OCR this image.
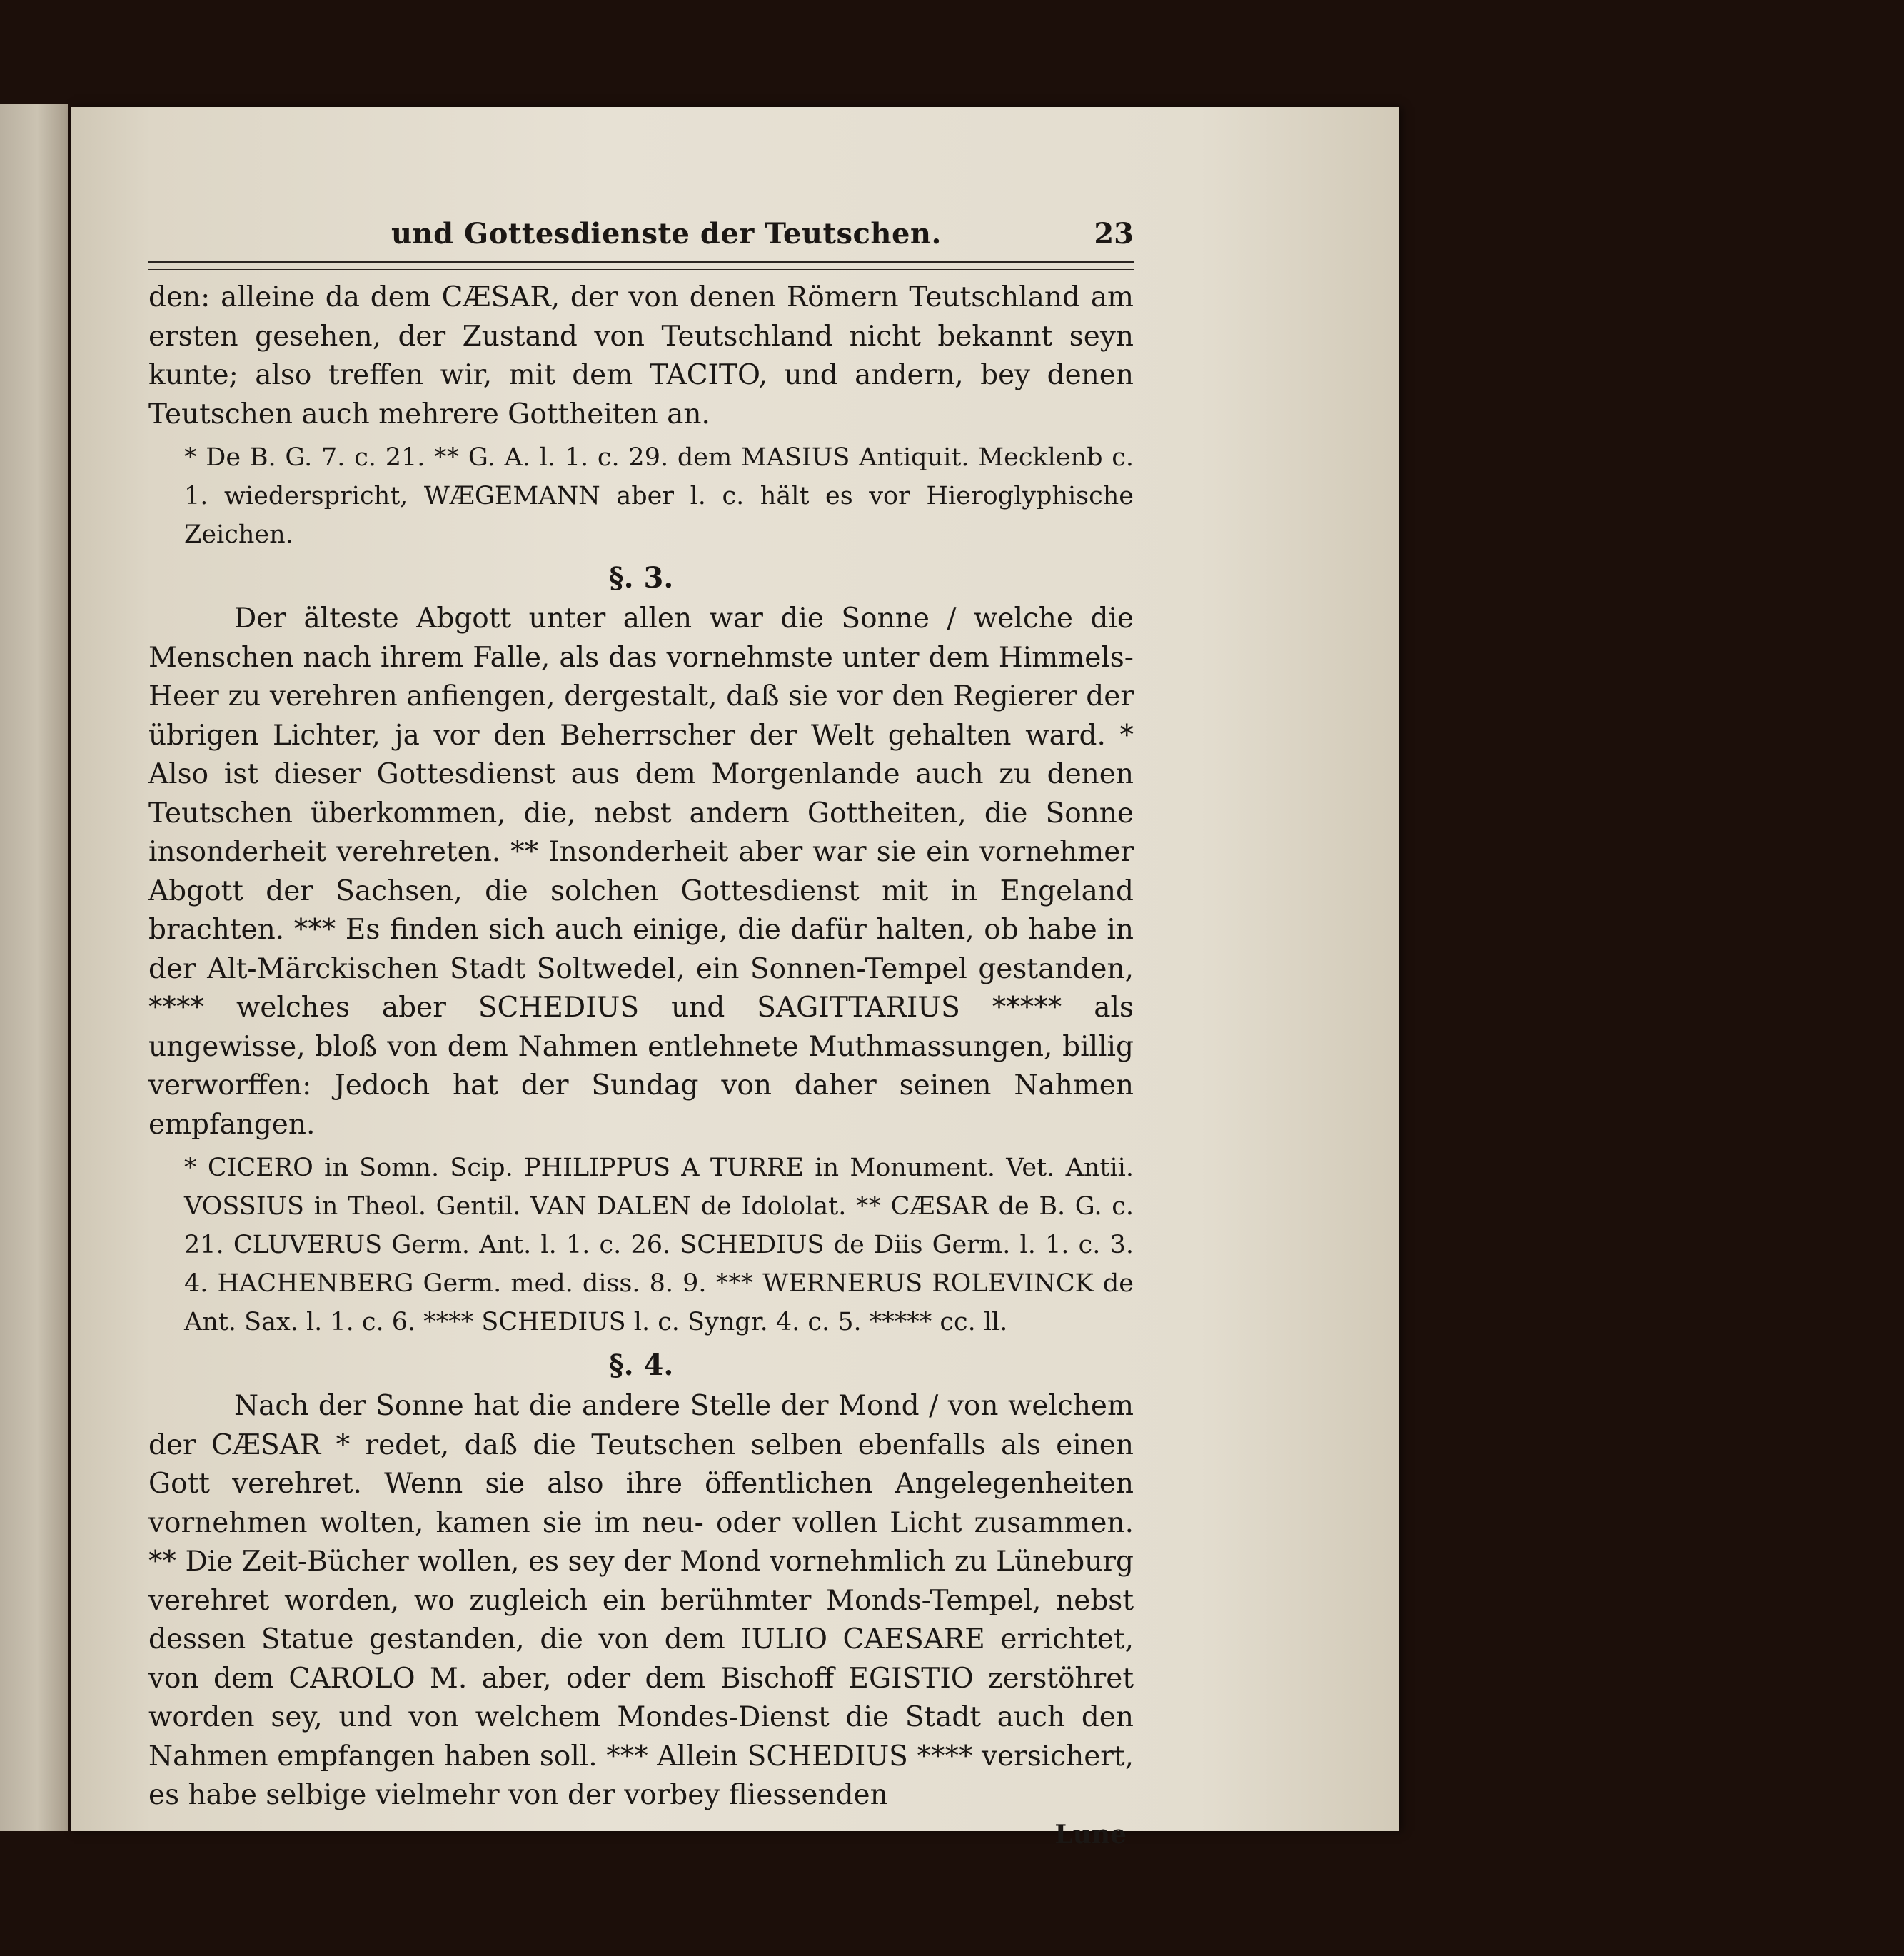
und Gottesdienste der Teutschen.	23

den: alleine da dem CÆSAR, der von denen Römern Teutschland am ersten gesehen, der Zustand von Teutschland nicht bekannt seyn kunte; also treffen wir, mit dem TACITO, und andern, bey denen Teutschen auch mehrere Gottheiten an.

* De B. G. 7. c. 21. ** G. A. l. 1. c. 29. dem MASIUS Antiquit. Mecklenb c. 1. wiederspricht, WÆGEMANN aber l. c. hält es vor Hieroglyphische Zeichen.
§. 3.

Der älteste Abgott unter allen war die Sonne / welche die Menschen nach ihrem Falle, als das vornehmste unter dem Himmels-Heer zu verehren anfiengen, dergestalt, daß sie vor den Regierer der übrigen Lichter, ja vor den Beherrscher der Welt gehalten ward. * Also ist dieser Gottesdienst aus dem Morgenlande auch zu denen Teutschen überkommen, die, nebst andern Gottheiten, die Sonne insonderheit verehreten. ** Insonderheit aber war sie ein vornehmer Abgott der Sachsen, die solchen Gottesdienst mit in Engeland brachten. *** Es finden sich auch einige, die dafür halten, ob habe in der Alt-Märckischen Stadt Soltwedel, ein Sonnen-Tempel gestanden, **** welches aber SCHEDIUS und SAGITTARIUS ***** als ungewisse, bloß von dem Nahmen entlehnete Muthmassungen, billig verworffen: Jedoch hat der Sundag von daher seinen Nahmen empfangen.

* CICERO in Somn. Scip. PHILIPPUS A TURRE in Monument. Vet. Antii. VOSSIUS in Theol. Gentil. VAN DALEN de Idololat. ** CÆSAR de B. G. c. 21. CLUVERUS Germ. Ant. l. 1. c. 26. SCHEDIUS de Diis Germ. l. 1. c. 3. 4. HACHENBERG Germ. med. diss. 8. 9. *** WERNERUS ROLEVINCK de Ant. Sax. l. 1. c. 6. **** SCHEDIUS l. c. Syngr. 4. c. 5. ***** cc. ll.
§. 4.

Nach der Sonne hat die andere Stelle der Mond / von welchem der CÆSAR * redet, daß die Teutschen selben ebenfalls als einen Gott verehret. Wenn sie also ihre öffentlichen Angelegenheiten vornehmen wolten, kamen sie im neu- oder vollen Licht zusammen. ** Die Zeit-Bücher wollen, es sey der Mond vornehmlich zu Lüneburg verehret worden, wo zugleich ein berühmter Monds-Tempel, nebst dessen Statue gestanden, die von dem IULIO CAESARE errichtet, von dem CAROLO M. aber, oder dem Bischoff EGISTIO zerstöhret worden sey, und von welchem Mondes-Dienst die Stadt auch den Nahmen empfangen haben soll. *** Allein SCHEDIUS **** versichert, es habe selbige vielmehr von der vorbey fliessenden

Lune
